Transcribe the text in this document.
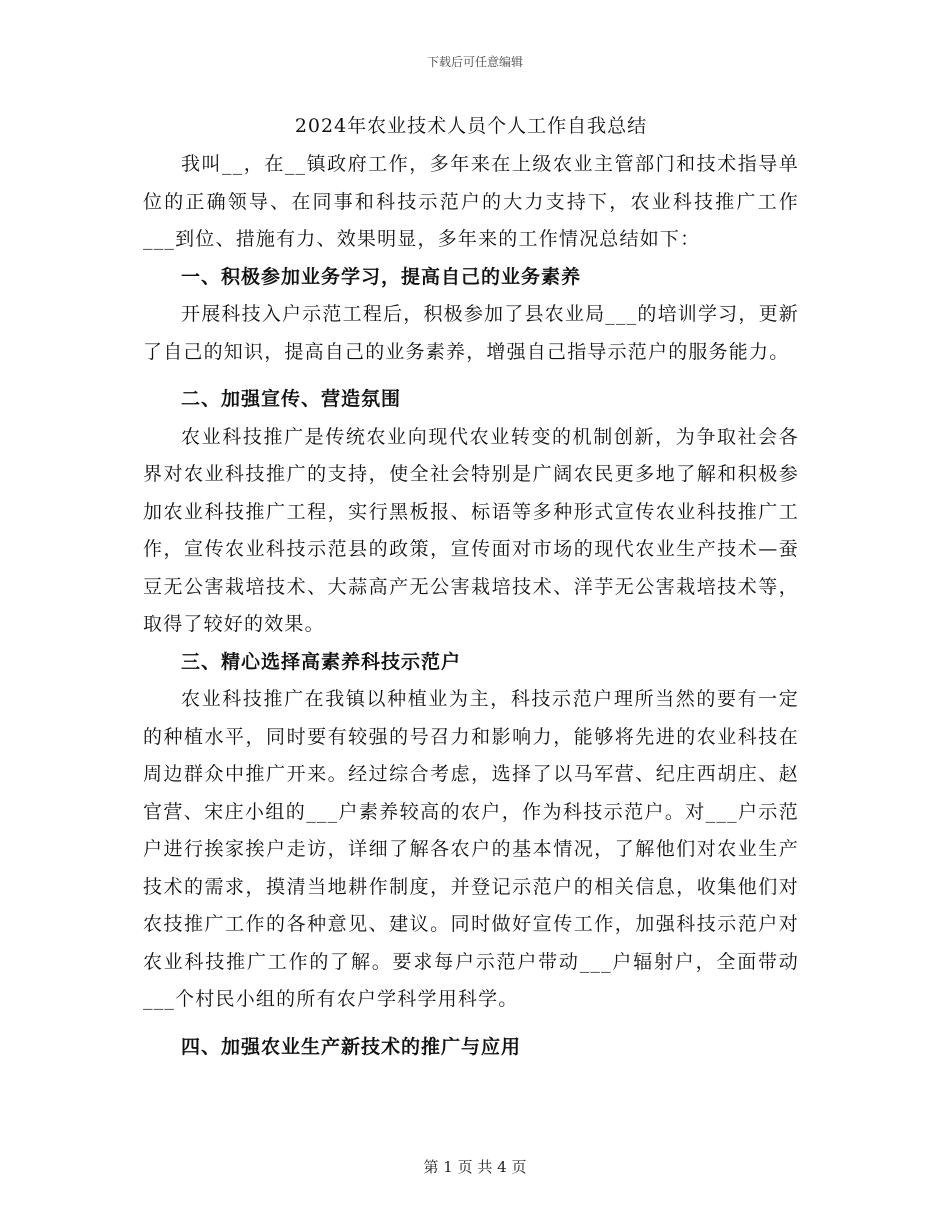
下载后可任意编辑
2024年农业技术人员个人工作自我总结

我叫__，在__镇政府工作，多年来在上级农业主管部门和技术指导单位的正确领导、在同事和科技示范户的大力支持下，农业科技推广工作___到位、措施有力、效果明显，多年来的工作情况总结如下：

一、积极参加业务学习，提高自己的业务素养

开展科技入户示范工程后，积极参加了县农业局___的培训学习，更新了自己的知识，提高自己的业务素养，增强自己指导示范户的服务能力。

二、加强宣传、营造氛围

农业科技推广是传统农业向现代农业转变的机制创新，为争取社会各界对农业科技推广的支持，使全社会特别是广阔农民更多地了解和积极参加农业科技推广工程，实行黑板报、标语等多种形式宣传农业科技推广工作，宣传农业科技示范县的政策，宣传面对市场的现代农业生产技术—蚕豆无公害栽培技术、大蒜高产无公害栽培技术、洋芋无公害栽培技术等，取得了较好的效果。

三、精心选择高素养科技示范户

农业科技推广在我镇以种植业为主，科技示范户理所当然的要有一定的种植水平，同时要有较强的号召力和影响力，能够将先进的农业科技在周边群众中推广开来。经过综合考虑，选择了以马军营、纪庄西胡庄、赵官营、宋庄小组的___户素养较高的农户，作为科技示范户。对___户示范户进行挨家挨户走访，详细了解各农户的基本情况，了解他们对农业生产技术的需求，摸清当地耕作制度，并登记示范户的相关信息，收集他们对农技推广工作的各种意见、建议。同时做好宣传工作，加强科技示范户对农业科技推广工作的了解。要求每户示范户带动___户辐射户，全面带动___个村民小组的所有农户学科学用科学。

四、加强农业生产新技术的推广与应用

第 1 页 共 4 页
